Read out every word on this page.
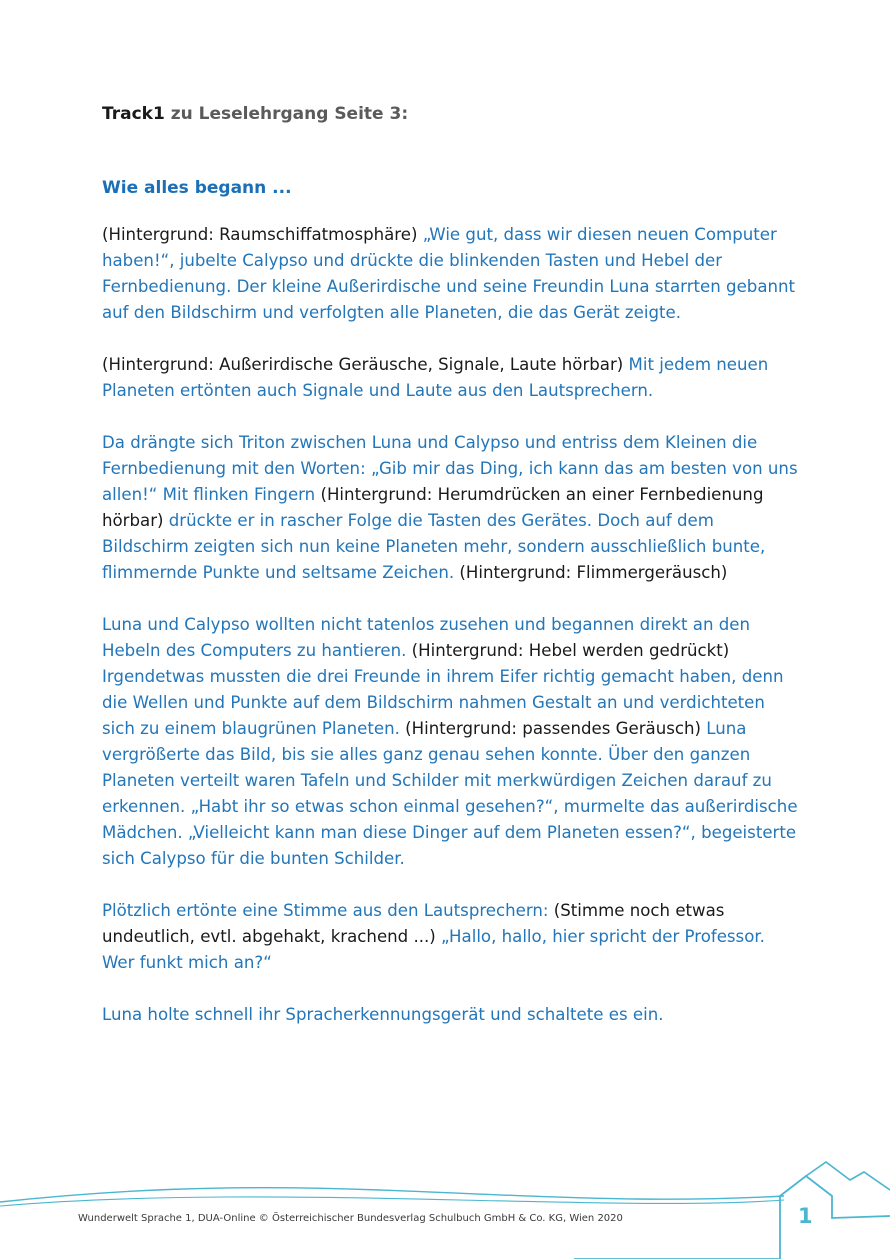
Track1 zu Leselehrgang Seite 3:
Wie alles begann ...

(Hintergrund: Raumschiffatmosphäre) „Wie gut, dass wir diesen neuen Computer haben!“, jubelte Calypso und drückte die blinkenden Tasten und Hebel der Fernbedienung. Der kleine Außerirdische und seine Freundin Luna starrten gebannt auf den Bildschirm und verfolgten alle Planeten, die das Gerät zeigte.

(Hintergrund: Außerirdische Geräusche, Signale, Laute hörbar) Mit jedem neuen Planeten ertönten auch Signale und Laute aus den Lautsprechern.

Da drängte sich Triton zwischen Luna und Calypso und entriss dem Kleinen die Fernbedienung mit den Worten: „Gib mir das Ding, ich kann das am besten von uns allen!“ Mit flinken Fingern (Hintergrund: Herumdrücken an einer Fernbedienung hörbar) drückte er in rascher Folge die Tasten des Gerätes. Doch auf dem Bildschirm zeigten sich nun keine Planeten mehr, sondern ausschließlich bunte, flimmernde Punkte und seltsame Zeichen. (Hintergrund: Flimmergeräusch)

Luna und Calypso wollten nicht tatenlos zusehen und begannen direkt an den Hebeln des Computers zu hantieren. (Hintergrund: Hebel werden gedrückt) Irgendetwas mussten die drei Freunde in ihrem Eifer richtig gemacht haben, denn die Wellen und Punkte auf dem Bildschirm nahmen Gestalt an und verdichteten sich zu einem blaugrünen Planeten. (Hintergrund: passendes Geräusch) Luna vergrößerte das Bild, bis sie alles ganz genau sehen konnte. Über den ganzen Planeten verteilt waren Tafeln und Schilder mit merkwürdigen Zeichen darauf zu erkennen. „Habt ihr so etwas schon einmal gesehen?“, murmelte das außerirdische Mädchen. „Vielleicht kann man diese Dinger auf dem Planeten essen?“, begeisterte sich Calypso für die bunten Schilder.

Plötzlich ertönte eine Stimme aus den Lautsprechern: (Stimme noch etwas undeutlich, evtl. abgehakt, krachend ...) „Hallo, hallo, hier spricht der Professor. Wer funkt mich an?“

Luna holte schnell ihr Spracherkennungsgerät und schaltete es ein.

Wunderwelt Sprache 1, DUA-Online © Österreichischer Bundesverlag Schulbuch GmbH & Co. KG, Wien 2020	1
